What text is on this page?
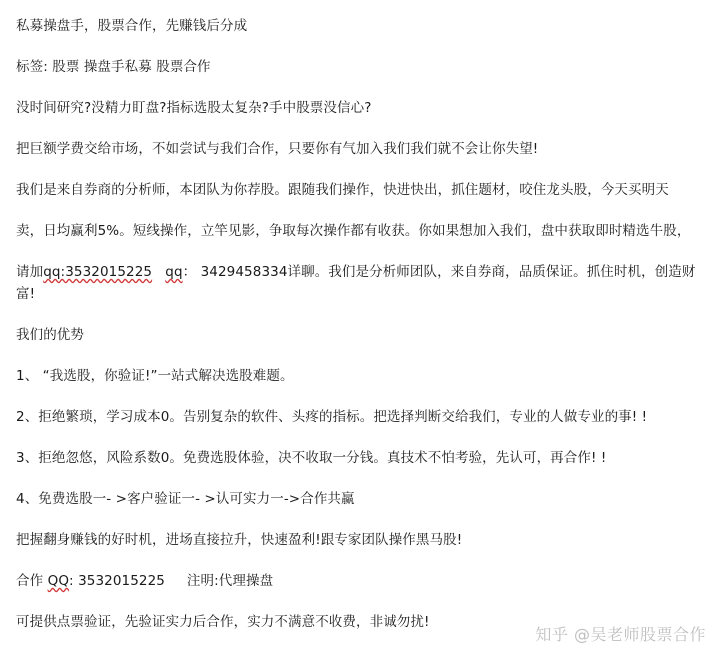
私募操盘手，股票合作，先赚钱后分成
标签: 股票 操盘手私募 股票合作
没时间研究?没精力盯盘?指标选股太复杂?手中股票没信心?
把巨额学费交给市场，不如尝试与我们合作，只要你有气加入我们我们就不会让你失望!
我们是来自券商的分析师，本团队为你荐股。跟随我们操作，快进快出，抓住题材，咬住龙头股，今天买明天
卖，日均赢利5%。短线操作，立竿见影，争取每次操作都有收获。你如果想加入我们，盘中获取即时精选牛股，
请加qq:3532015225 qq： 3429458334详聊。我们是分析师团队，来自券商，品质保证。抓住时机，创造财
富!
我们的优势
1、 “我选股，你验证!”一站式解决选股难题。
2、拒绝繁琐，学习成本0。告别复杂的软件、头疼的指标。把选择判断交给我们，专业的人做专业的事! !
3、拒绝忽悠，风险系数0。免费选股体验，决不收取一分钱。真技术不怕考验，先认可，再合作! !
4、免费选股一- >客户验证一- >认可实力一->合作共赢
把握翻身赚钱的好时机，进场直接拉升，快速盈利!跟专家团队操作黑马股!
合作 QQ: 3532015225     注明:代理操盘
可提供点票验证，先验证实力后合作，实力不满意不收费，非诚勿扰!
知乎 @吴老师股票合作
